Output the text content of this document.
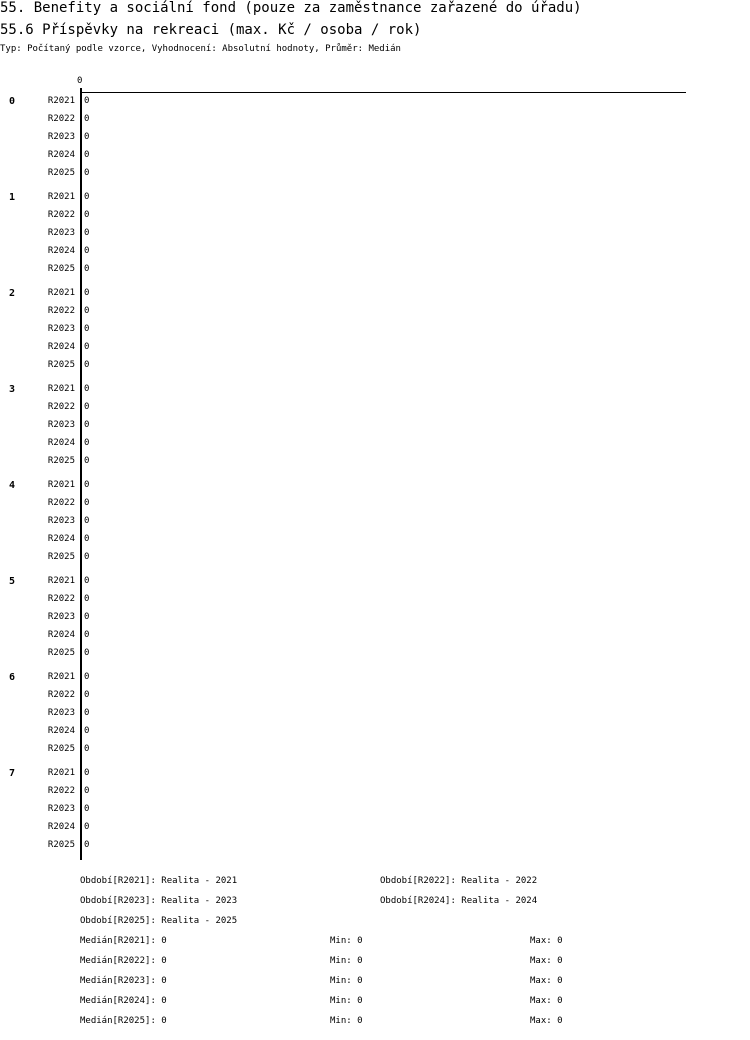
55. Benefity a sociální fond (pouze za zaměstnance zařazené do úřadu)
55.6 Příspěvky na rekreaci (max. Kč / osoba / rok)
Typ: Počítaný podle vzorce, Vyhodnocení: Absolutní hodnoty, Průměr: Medián
0
0	R2021 0
R2022 0
R2023 0
R2024 0
R2025 0
1	R2021 0
R2022 0
R2023 0
R2024 0
R2025 0
2	R2021 0
R2022 0
R2023 0
R2024 0
R2025 0
3	R2021 0
R2022 0
R2023 0
R2024 0
R2025 0
4	R2021 0
R2022 0
R2023 0
R2024 0
R2025 0
5	R2021 0
R2022 0
R2023 0
R2024 0
R2025 0
6	R2021 0
R2022 0
R2023 0
R2024 0
R2025 0
7	R2021 0
R2022 0
R2023 0
R2024 0
R2025 0
Období[R2021]: Realita - 2021	Období[R2022]: Realita - 2022
Období[R2023]: Realita - 2023	Období[R2024]: Realita - 2024
Období[R2025]: Realita - 2025
Medián[R2021]: 0	Min: 0	Max: 0
Medián[R2022]: 0	Min: 0	Max: 0
Medián[R2023]: 0	Min: 0	Max: 0
Medián[R2024]: 0	Min: 0	Max: 0
Medián[R2025]: 0	Min: 0	Max: 0
